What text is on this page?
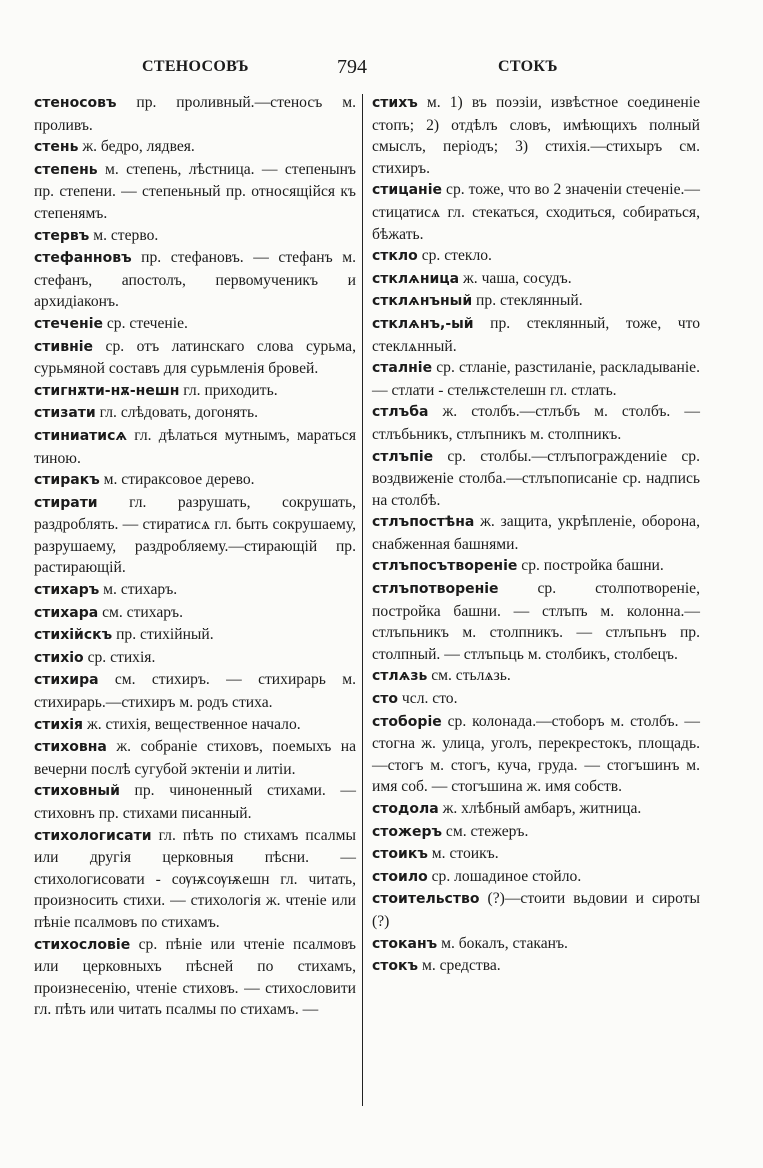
СТЕНОСОВЪ	794	СТОКЪ
стенoсовъ пр. проливный.—стеносъ м. проливъ.
стень ж. бедро, лядвея.
степень м. степень, лѣстница. — степенынъ пр. степени. — степеньный пр. относящiйся къ степенямъ.
стервъ м. стерво.
стефанновъ пр. стефановъ. — стефанъ м. стефанъ, апостолъ, первомученикъ и архидiаконъ.
стеченiе ср. стеченiе.
стивнiе ср. отъ латинскаго слова сурьма, сурьмяной составъ для сурьмленiя бровей.
стигнѫти-нѫ-нешн гл. приходить.
стизати гл. слѣдовать, догонять.
стиниатисѧ гл. дѣлаться мутнымъ, мараться тиною.
стиракъ м. стираксовое дерево.
стирати гл. разрушать, сокрушать, раздроблять. — стиратисѧ гл. быть сокрушаему, разрушаему, раздробляему.—стирающiй пр. растирающiй.
стихаръ м. стихаръ.
стихара см. стихаръ.
стихiйскъ пр. стихiйный.
стихiо ср. стихiя.
стихира см. стихиръ. — стихирарь м. стихирарь.—стихиръ м. родъ стиха.
стихiя ж. стихiя, вещественное начало.
стиховна ж. собранiе стиховъ, поемыхъ на вечерни послѣ сугубой эктенiи и литiи.
стиховный пр. чиноненный стихами. — стиховнъ пр. стихами писанный.
стихологисати гл. пѣть по стихамъ псалмы или другiя церковныя пѣсни. — стихологисовати - сѹѭсѹѭешн гл. читать, произносить стихи. — стихологiя ж. чтенiе или пѣнiе псалмовъ по стихамъ.
стихословiе ср. пѣнiе или чтенiе псалмовъ или церковныхъ пѣсней по стихамъ, произнесенiю, чтенiе стиховъ. — стихословити гл. пѣть или читать псалмы по стихамъ. —
стихъ м. 1) въ поэзiи, извѣстное соединенiе стопъ; 2) отдѣлъ словъ, имѣющихъ полный смыслъ, перiодъ; 3) стихiя.—стихыръ см. стихиръ.
стицанiе ср. тоже, что во 2 значенiи стеченiе.—стицатисѧ гл. стекаться, сходиться, собираться, бѣжать.
стклo ср. стекло.
стклѧница ж. чаша, сосудъ.
стклѧнъный пр. стеклянный.
стклѧнъ,-ый пр. стеклянный, тоже, что стеклѧнный.
сталнiе ср. стланiе, разстиланiе, раскладыванiе. — стлати - стелѭстелешн гл. стлать.
стлъба ж. столбъ.—стлъбъ м. столбъ. —стлъбьникъ, стлъпникъ м. столпникъ.
стлъпiе ср. столбы.—стлъпограждениiе ср. воздвиженiе столба.—стлъпописанiе ср. надпись на столбѣ.
стлъпостѣна ж. защита, укрѣпленiе, оборона, снабженная башнями.
стлъпосътворенiе ср. постройка башни.
стлъпотворенiе ср. столпотворенiе, постройка башни. — стлъпъ м. колонна.—стлъпьникъ м. столпникъ. — стлъпьнъ пр. столпный. — стлъпьць м. столбикъ, столбецъ.
стлѧзь см. стьлѧзь.
сто чсл. сто.
стоборiе ср. колонада.—стоборъ м. столбъ. — стогна ж. улица, уголъ, перекрестокъ, площадь.—стогъ м. стогъ, куча, груда. — стогъшинъ м. имя соб. — стогъшина ж. имя собств.
стодола ж. хлѣбный амбаръ, житница.
стожеръ см. стежеръ.
стоикъ м. стоикъ.
стоило ср. лошадиное стойло.
стоительство (?)—стоити вьдовии и сироты (?)
стоканъ м. бокалъ, стаканъ.
стокъ м. средства.
